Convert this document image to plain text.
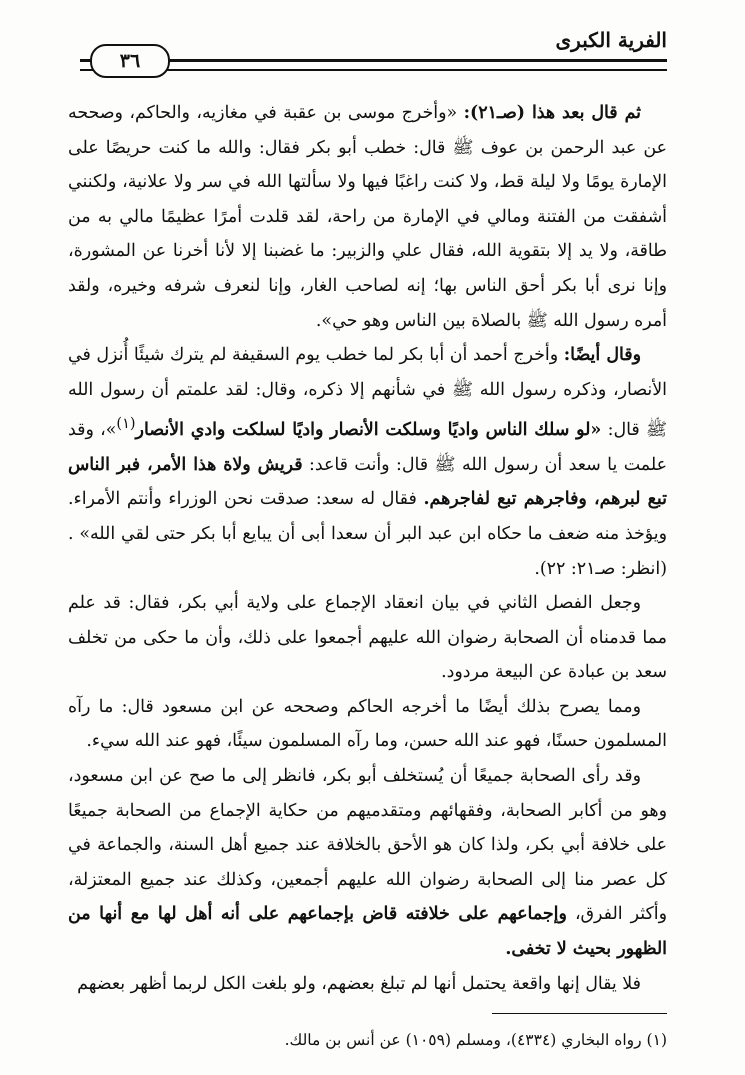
الفرية الكبرى
٣٦

ثم قال بعد هذا (صـ٢١): «وأخرج موسى بن عقبة في مغازيه، والحاكم، وصححه عن عبد الرحمن بن عوف ﷺ قال: خطب أبو بكر فقال: والله ما كنت حريصًا على الإمارة يومًا ولا ليلة قط، ولا كنت راغبًا فيها ولا سألتها الله في سر ولا علانية، ولكنني أشفقت من الفتنة ومالي في الإمارة من راحة، لقد قلدت أمرًا عظيمًا مالي به من طاقة، ولا يد إلا بتقوية الله، فقال علي والزبير: ما غضبنا إلا لأنا أخرنا عن المشورة، وإنا نرى أبا بكر أحق الناس بها؛ إنه لصاحب الغار، وإنا لنعرف شرفه وخيره، ولقد أمره رسول الله ﷺ بالصلاة بين الناس وهو حي».

وقال أيضًا: وأخرج أحمد أن أبا بكر لما خطب يوم السقيفة لم يترك شيئًا أُنزل في الأنصار، وذكره رسول الله ﷺ في شأنهم إلا ذكره، وقال: لقد علمتم أن رسول الله ﷺ قال: «لو سلك الناس واديًا وسلكت الأنصار واديًا لسلكت وادي الأنصار$^{(١)}$»، وقد علمت يا سعد أن رسول الله ﷺ قال: وأنت قاعد: قريش ولاة هذا الأمر، فبر الناس تبع لبرهم، وفاجرهم تبع لفاجرهم. فقال له سعد: صدقت نحن الوزراء وأنتم الأمراء. ويؤخذ منه ضعف ما حكاه ابن عبد البر أن سعدا أبى أن يبايع أبا بكر حتى لقي الله» . (انظر: صـ٢١: ٢٢).

وجعل الفصل الثاني في بيان انعقاد الإجماع على ولاية أبي بكر، فقال: قد علم مما قدمناه أن الصحابة رضوان الله عليهم أجمعوا على ذلك، وأن ما حكى من تخلف سعد بن عبادة عن البيعة مردود.

ومما يصرح بذلك أيضًا ما أخرجه الحاكم وصححه عن ابن مسعود قال: ما رآه المسلمون حسنًا، فهو عند الله حسن، وما رآه المسلمون سيئًا، فهو عند الله سيء.

وقد رأى الصحابة جميعًا أن يُستخلف أبو بكر، فانظر إلى ما صح عن ابن مسعود، وهو من أكابر الصحابة، وفقهائهم ومتقدميهم من حكاية الإجماع من الصحابة جميعًا على خلافة أبي بكر، ولذا كان هو الأحق بالخلافة عند جميع أهل السنة، والجماعة في كل عصر منا إلى الصحابة رضوان الله عليهم أجمعين، وكذلك عند جميع المعتزلة، وأكثر الفرق، وإجماعهم على خلافته قاض بإجماعهم على أنه أهل لها مع أنها من الظهور بحيث لا تخفى.

فلا يقال إنها واقعة يحتمل أنها لم تبلغ بعضهم، ولو بلغت الكل لربما أظهر بعضهم

(١) رواه البخاري (٤٣٣٤)، ومسلم (١٠٥٩) عن أنس بن مالك.
